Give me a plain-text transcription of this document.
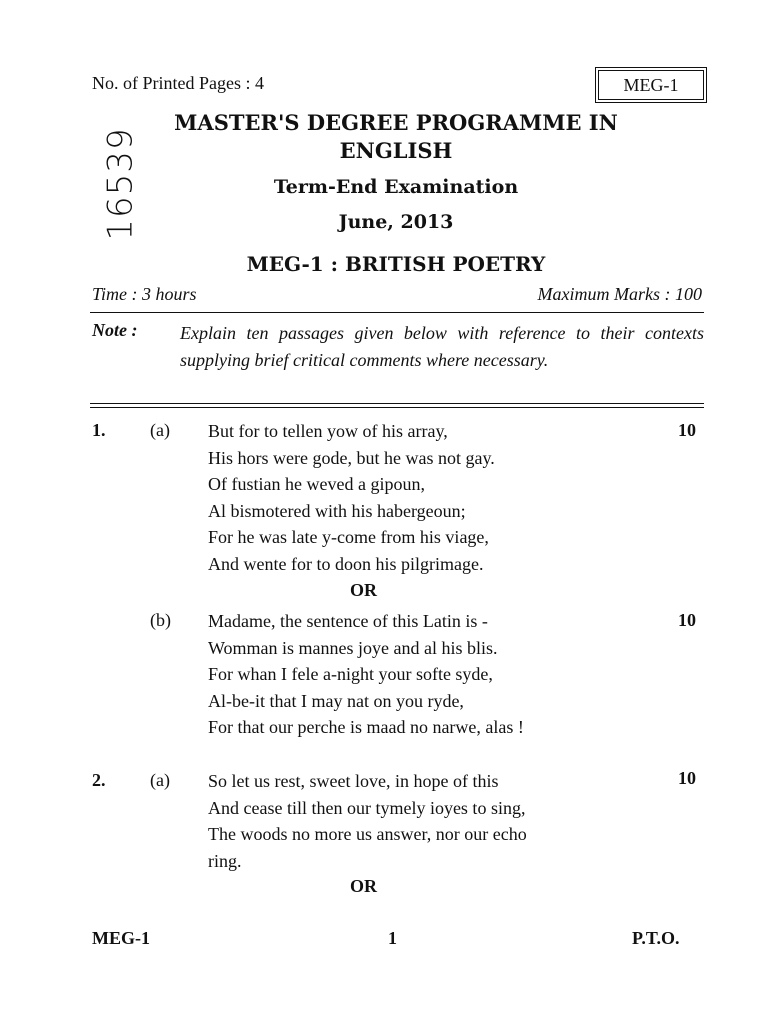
No. of Printed Pages : 4	MEG-1
16539
MASTER'S DEGREE PROGRAMME IN
ENGLISH
Term-End Examination
June, 2013
MEG-1 : BRITISH POETRY
Time : 3 hours	Maximum Marks : 100
Note : Explain ten passages given below with reference to their contexts supplying brief critical comments where necessary.
1. (a)	10
But for to tellen yow of his array,
His hors were gode, but he was not gay.
Of fustian he weved a gipoun,
Al bismotered with his habergeoun;
For he was late y-come from his viage,
And wente for to doon his pilgrimage.
OR
(b)	10
Madame, the sentence of this Latin is -
Womman is mannes joye and al his blis.
For whan I fele a-night your softe syde,
Al-be-it that I may nat on you ryde,
For that our perche is maad no narwe, alas !
2. (a)	10
So let us rest, sweet love, in hope of this
And cease till then our tymely ioyes to sing,
The woods no more us answer, nor our echo
ring.
OR
MEG-1	1	P.T.O.
